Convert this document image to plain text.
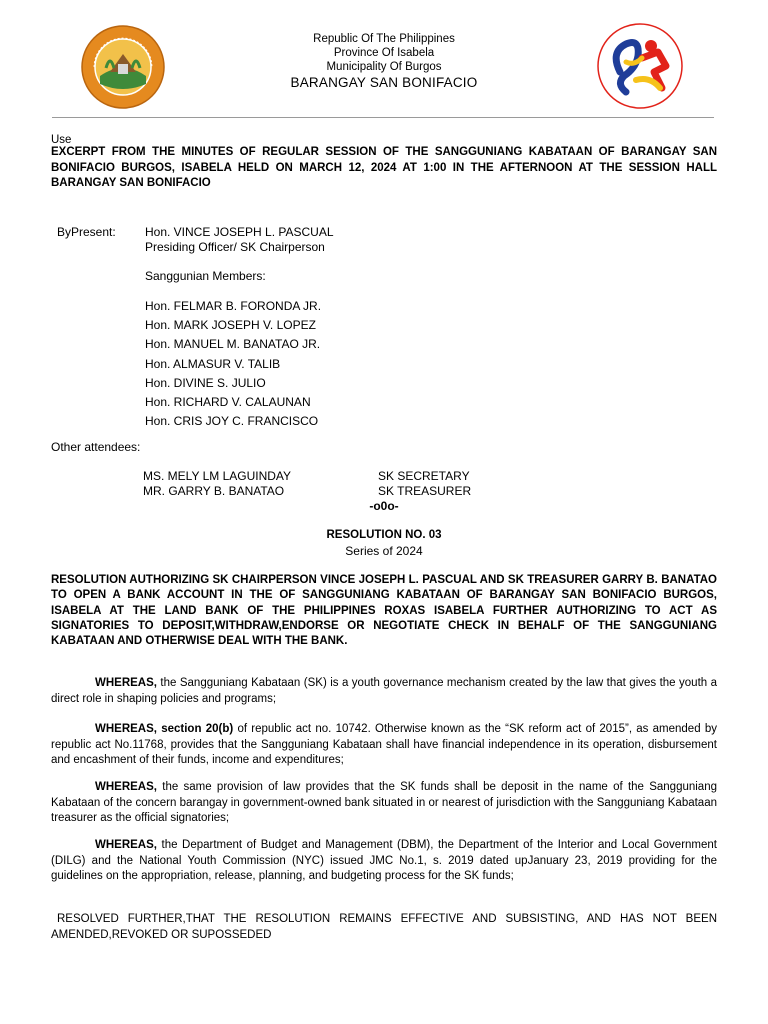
Republic Of The Philippines
Province Of Isabela
Municipality Of Burgos
BARANGAY SAN BONIFACIO
Use
EXCERPT FROM THE MINUTES OF REGULAR SESSION OF THE SANGGUNIANG KABATAAN OF BARANGAY SAN BONIFACIO BURGOS, ISABELA HELD ON MARCH 12, 2024 AT 1:00 IN THE AFTERNOON AT THE SESSION HALL BARANGAY SAN BONIFACIO
ByPresent: Hon. VINCE JOSEPH L. PASCUAL
Presiding Officer/ SK Chairperson
Sanggunian Members:
Hon. FELMAR B. FORONDA JR.
Hon. MARK JOSEPH V. LOPEZ
Hon. MANUEL M. BANATAO JR.
Hon. ALMASUR V. TALIB
Hon. DIVINE S. JULIO
Hon. RICHARD V. CALAUNAN
Hon. CRIS JOY C. FRANCISCO
Other attendees:
MS. MELY LM LAGUINDAY	SK SECRETARY
MR. GARRY B. BANATAO	SK TREASURER
-o0o-
RESOLUTION NO. 03
Series of 2024
RESOLUTION AUTHORIZING SK CHAIRPERSON VINCE JOSEPH L. PASCUAL AND SK TREASURER GARRY B. BANATAO TO OPEN A BANK ACCOUNT IN THE OF SANGGUNIANG KABATAAN OF BARANGAY SAN BONIFACIO BURGOS, ISABELA AT THE LAND BANK OF THE PHILIPPINES ROXAS ISABELA FURTHER AUTHORIZING TO ACT AS SIGNATORIES TO DEPOSIT,WITHDRAW,ENDORSE OR NEGOTIATE CHECK IN BEHALF OF THE SANGGUNIANG KABATAAN AND OTHERWISE DEAL WITH THE BANK.
WHEREAS, the Sangguniang Kabataan (SK) is a youth governance mechanism created by the law that gives the youth a direct role in shaping policies and programs;
WHEREAS, section 20(b) of republic act no. 10742. Otherwise known as the “SK reform act of 2015”, as amended by republic act No.11768, provides that the Sangguniang Kabataan shall have financial independence in its operation, disbursement and encashment of their funds, income and expenditures;
WHEREAS, the same provision of law provides that the SK funds shall be deposit in the name of the Sangguniang Kabataan of the concern barangay in government-owned bank situated in or nearest of jurisdiction with the Sangguniang Kabataan treasurer as the official signatories;
WHEREAS, the Department of Budget and Management (DBM), the Department of the Interior and Local Government (DILG) and the National Youth Commission (NYC) issued JMC No.1, s. 2019 dated upJanuary 23, 2019 providing for the guidelines on the appropriation, release, planning, and budgeting process for the SK funds;
RESOLVED FURTHER,THAT THE RESOLUTION REMAINS EFFECTIVE AND SUBSISTING, AND HAS NOT BEEN AMENDED,REVOKED OR SUPOSSEDED
